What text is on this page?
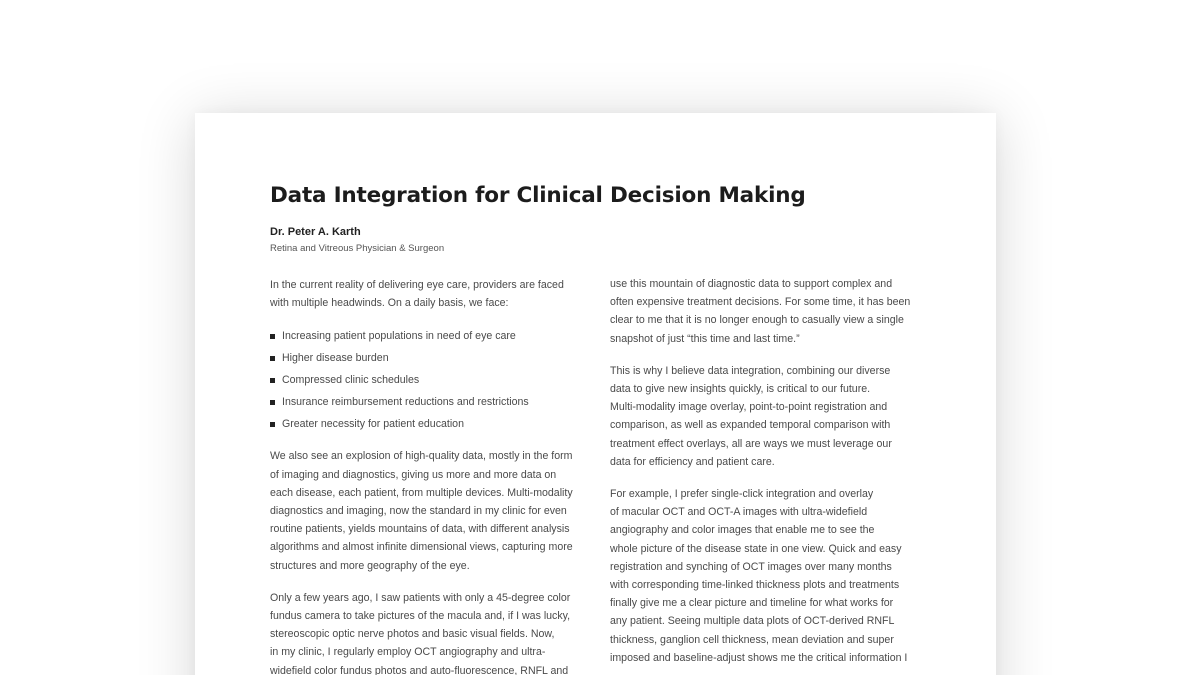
Data Integration for Clinical Decision Making
Dr. Peter A. Karth
Retina and Vitreous Physician & Surgeon

In the current reality of delivering eye care, providers are faced
with multiple headwinds. On a daily basis, we face:

Increasing patient populations in need of eye care
Higher disease burden
Compressed clinic schedules
Insurance reimbursement reductions and restrictions
Greater necessity for patient education

We also see an explosion of high-quality data, mostly in the form
of imaging and diagnostics, giving us more and more data on
each disease, each patient, from multiple devices. Multi-modality
diagnostics and imaging, now the standard in my clinic for even
routine patients, yields mountains of data, with different analysis
algorithms and almost infinite dimensional views, capturing more
structures and more geography of the eye.

Only a few years ago, I saw patients with only a 45-degree color
fundus camera to take pictures of the macula and, if I was lucky,
stereoscopic optic nerve photos and basic visual fields. Now,
in my clinic, I regularly employ OCT angiography and ultra-
widefield color fundus photos and auto-fluorescence, RNFL and

use this mountain of diagnostic data to support complex and
often expensive treatment decisions. For some time, it has been
clear to me that it is no longer enough to casually view a single
snapshot of just “this time and last time.”

This is why I believe data integration, combining our diverse
data to give new insights quickly, is critical to our future.
Multi-modality image overlay, point-to-point registration and
comparison, as well as expanded temporal comparison with
treatment effect overlays, all are ways we must leverage our
data for efficiency and patient care.

For example, I prefer single-click integration and overlay
of macular OCT and OCT-A images with ultra-widefield
angiography and color images that enable me to see the
whole picture of the disease state in one view. Quick and easy
registration and synching of OCT images over many months
with corresponding time-linked thickness plots and treatments
finally give me a clear picture and timeline for what works for
any patient. Seeing multiple data plots of OCT-derived RNFL
thickness, ganglion cell thickness, mean deviation and super
imposed and baseline-adjust shows me the critical information I
